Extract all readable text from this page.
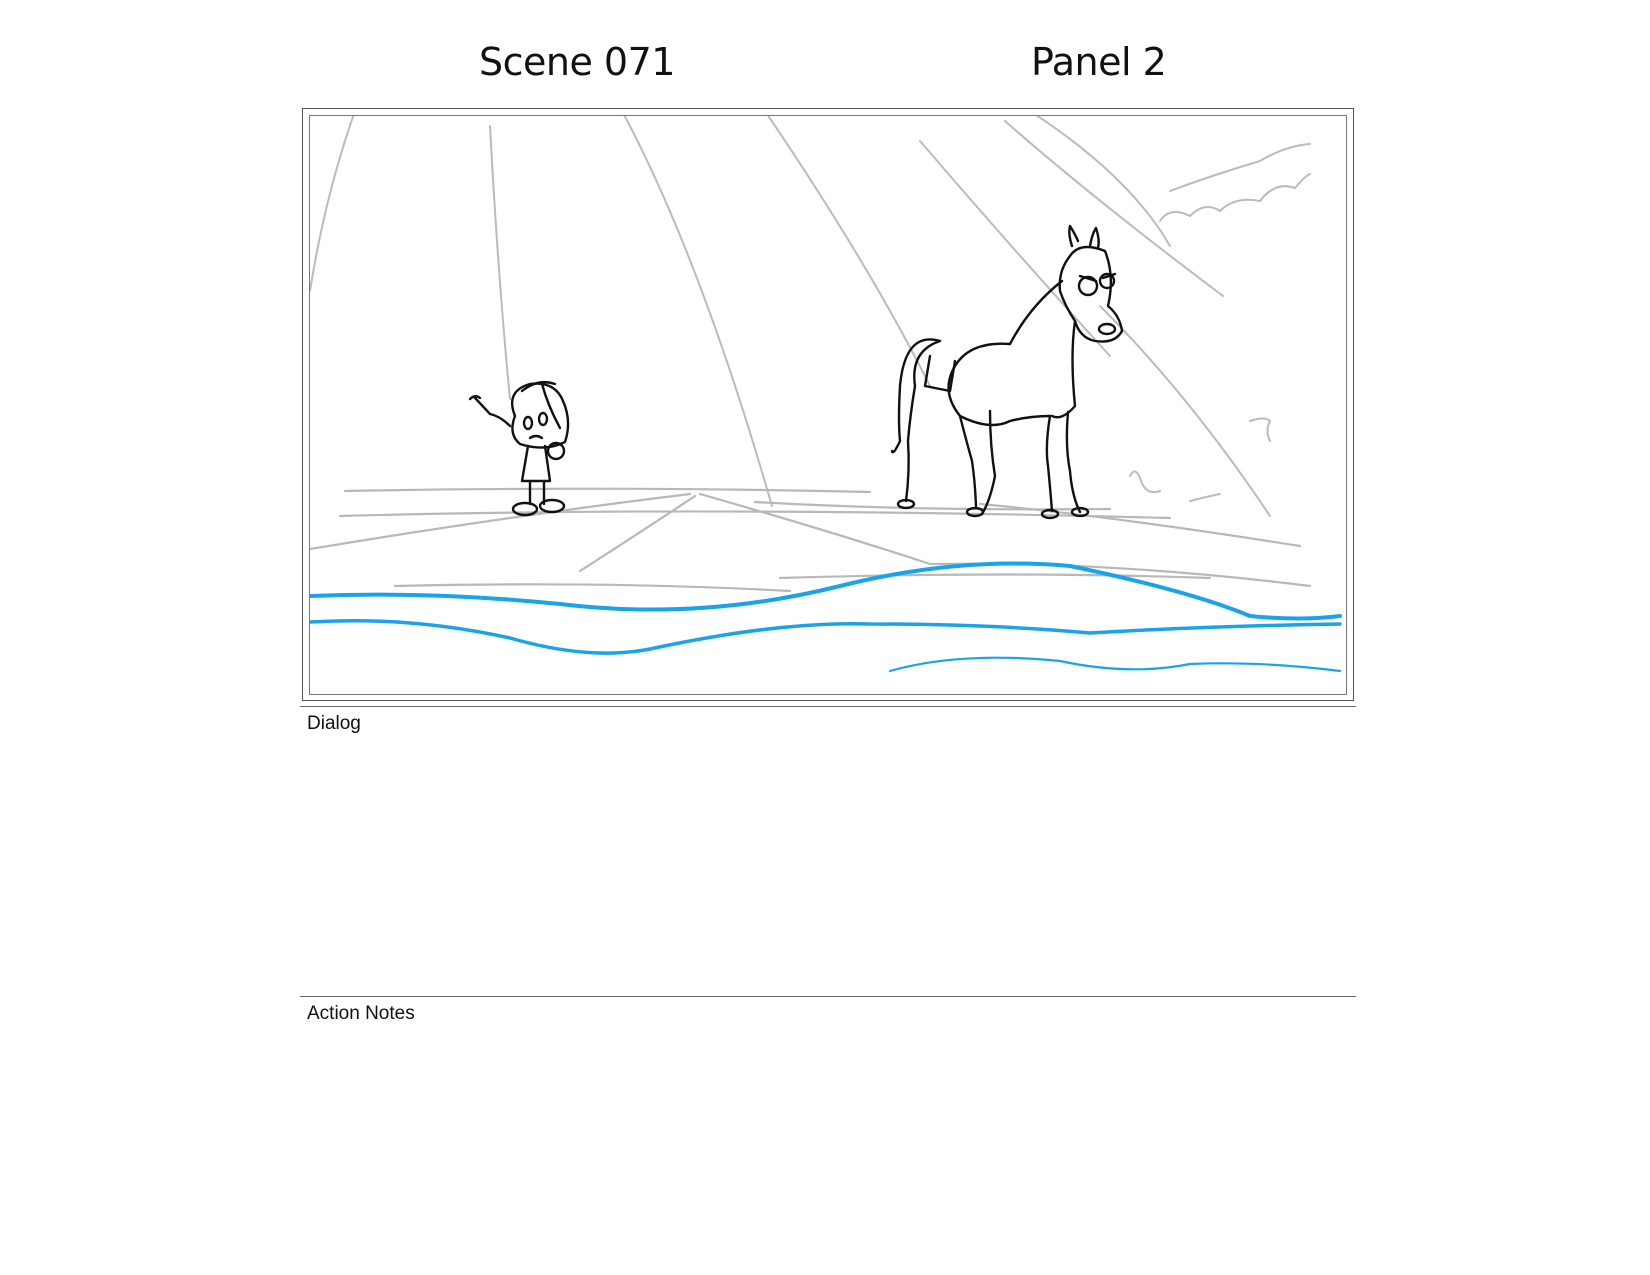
Scene 071	Panel 2
Dialog
Action Notes
